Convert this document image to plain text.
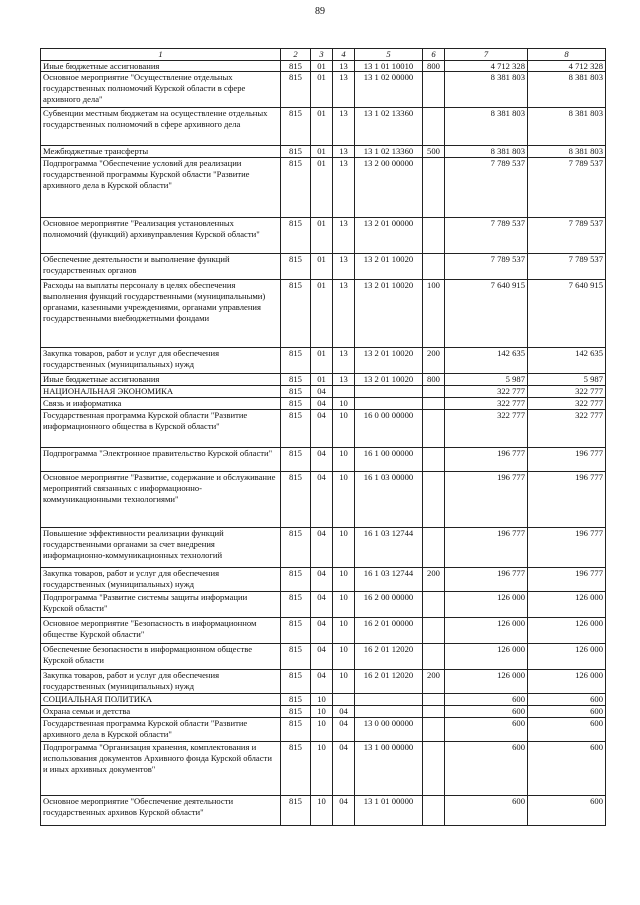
89
1	2	3	4	5	6	7	8
Иные бюджетные ассигнования	815	01	13	13 1 01 10010	800	4 712 328	4 712 328
Основное мероприятие "Осуществление отдельных государственных полномочий Курской области в сфере архивного дела"	815	01	13	13 1 02 00000		8 381 803	8 381 803
Субвенции местным бюджетам на осуществление отдельных государственных полномочий в сфере архивного дела	815	01	13	13 1 02 13360		8 381 803	8 381 803
Межбюджетные трансферты	815	01	13	13 1 02 13360	500	8 381 803	8 381 803
Подпрограмма "Обеспечение условий для реализации государственной программы Курской области "Развитие архивного дела в Курской области"	815	01	13	13 2 00 00000		7 789 537	7 789 537
Основное мероприятие "Реализация установленных полномочий (функций) архивуправления Курской области"	815	01	13	13 2 01 00000		7 789 537	7 789 537
Обеспечение деятельности и выполнение функций государственных органов	815	01	13	13 2 01 10020		7 789 537	7 789 537
Расходы на выплаты персоналу в целях обеспечения выполнения функций государственными (муниципальными) органами, казенными учреждениями, органами управления государственными внебюджетными фондами	815	01	13	13 2 01 10020	100	7 640 915	7 640 915
Закупка товаров, работ и услуг для обеспечения государственных (муниципальных) нужд	815	01	13	13 2 01 10020	200	142 635	142 635
Иные бюджетные ассигнования	815	01	13	13 2 01 10020	800	5 987	5 987
НАЦИОНАЛЬНАЯ ЭКОНОМИКА	815	04				322 777	322 777
Связь и информатика	815	04	10			322 777	322 777
Государственная программа Курской области "Развитие информационного общества в Курской области"	815	04	10	16 0 00 00000		322 777	322 777
Подпрограмма "Электронное правительство Курской области"	815	04	10	16 1 00 00000		196 777	196 777
Основное мероприятие "Развитие, содержание и обслуживание мероприятий связанных с информационно-коммуникационными технологиями"	815	04	10	16 1 03 00000		196 777	196 777
Повышение эффективности реализации функций государственными органами за счет внедрения информационно-коммуникационных технологий	815	04	10	16 1 03 12744		196 777	196 777
Закупка товаров, работ и услуг для обеспечения государственных (муниципальных) нужд	815	04	10	16 1 03 12744	200	196 777	196 777
Подпрограмма "Развитие системы защиты информации Курской области"	815	04	10	16 2 00 00000		126 000	126 000
Основное мероприятие "Безопасность в информационном обществе Курской области"	815	04	10	16 2 01 00000		126 000	126 000
Обеспечение безопасности в информационном обществе Курской области	815	04	10	16 2 01 12020		126 000	126 000
Закупка товаров, работ и услуг для обеспечения государственных (муниципальных) нужд	815	04	10	16 2 01 12020	200	126 000	126 000
СОЦИАЛЬНАЯ ПОЛИТИКА	815	10				600	600
Охрана семьи и детства	815	10	04			600	600
Государственная программа Курской области "Развитие архивного дела в Курской области"	815	10	04	13 0 00 00000		600	600
Подпрограмма "Организация хранения, комплектования и использования документов Архивного фонда Курской области и иных архивных документов"	815	10	04	13 1 00 00000		600	600
Основное мероприятие "Обеспечение деятельности государственных архивов Курской области"	815	10	04	13 1 01 00000		600	600
